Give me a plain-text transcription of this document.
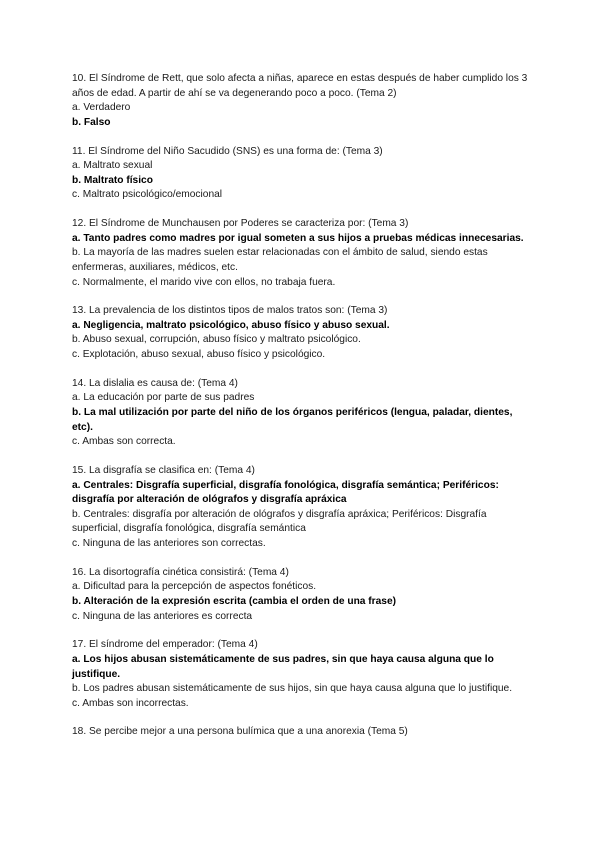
10. El Síndrome de Rett, que solo afecta a niñas, aparece en estas después de haber cumplido los 3 años de edad. A partir de ahí se va degenerando poco a poco. (Tema 2)
a. Verdadero
b. Falso
11. El Síndrome del Niño Sacudido (SNS) es una forma de: (Tema 3)
a. Maltrato sexual
b. Maltrato físico
c. Maltrato psicológico/emocional
12. El Síndrome de Munchausen por Poderes se caracteriza por: (Tema 3)
a. Tanto padres como madres por igual someten a sus hijos a pruebas médicas innecesarias.
b. La mayoría de las madres suelen estar relacionadas con el ámbito de salud, siendo estas enfermeras, auxiliares, médicos, etc.
c. Normalmente, el marido vive con ellos, no trabaja fuera.
13. La prevalencia de los distintos tipos de malos tratos son: (Tema 3)
a. Negligencia, maltrato psicológico, abuso físico y abuso sexual.
b. Abuso sexual, corrupción, abuso físico y maltrato psicológico.
c. Explotación, abuso sexual, abuso físico y psicológico.
14. La dislalia es causa de: (Tema 4)
a. La educación por parte de sus padres
b. La mal utilización por parte del niño de los órganos periféricos (lengua, paladar, dientes, etc).
c. Ambas son correcta.
15. La disgrafía se clasifica en: (Tema 4)
a. Centrales: Disgrafía superficial, disgrafía fonológica, disgrafía semántica; Periféricos: disgrafía por alteración de ológrafos y disgrafía apráxica
b. Centrales: disgrafía por alteración de ológrafos y disgrafía apráxica; Periféricos: Disgrafía superficial, disgrafía fonológica, disgrafía semántica
c. Ninguna de las anteriores son correctas.
16. La disortografía cinética consistirá: (Tema 4)
a. Dificultad para la percepción de aspectos fonéticos.
b. Alteración de la expresión escrita (cambia el orden de una frase)
c. Ninguna de las anteriores es correcta
17. El síndrome del emperador: (Tema 4)
a. Los hijos abusan sistemáticamente de sus padres, sin que haya causa alguna que lo justifique.
b. Los padres abusan sistemáticamente de sus hijos, sin que haya causa alguna que lo justifique.
c. Ambas son incorrectas.
18. Se percibe mejor a una persona bulímica que a una anorexia (Tema 5)
